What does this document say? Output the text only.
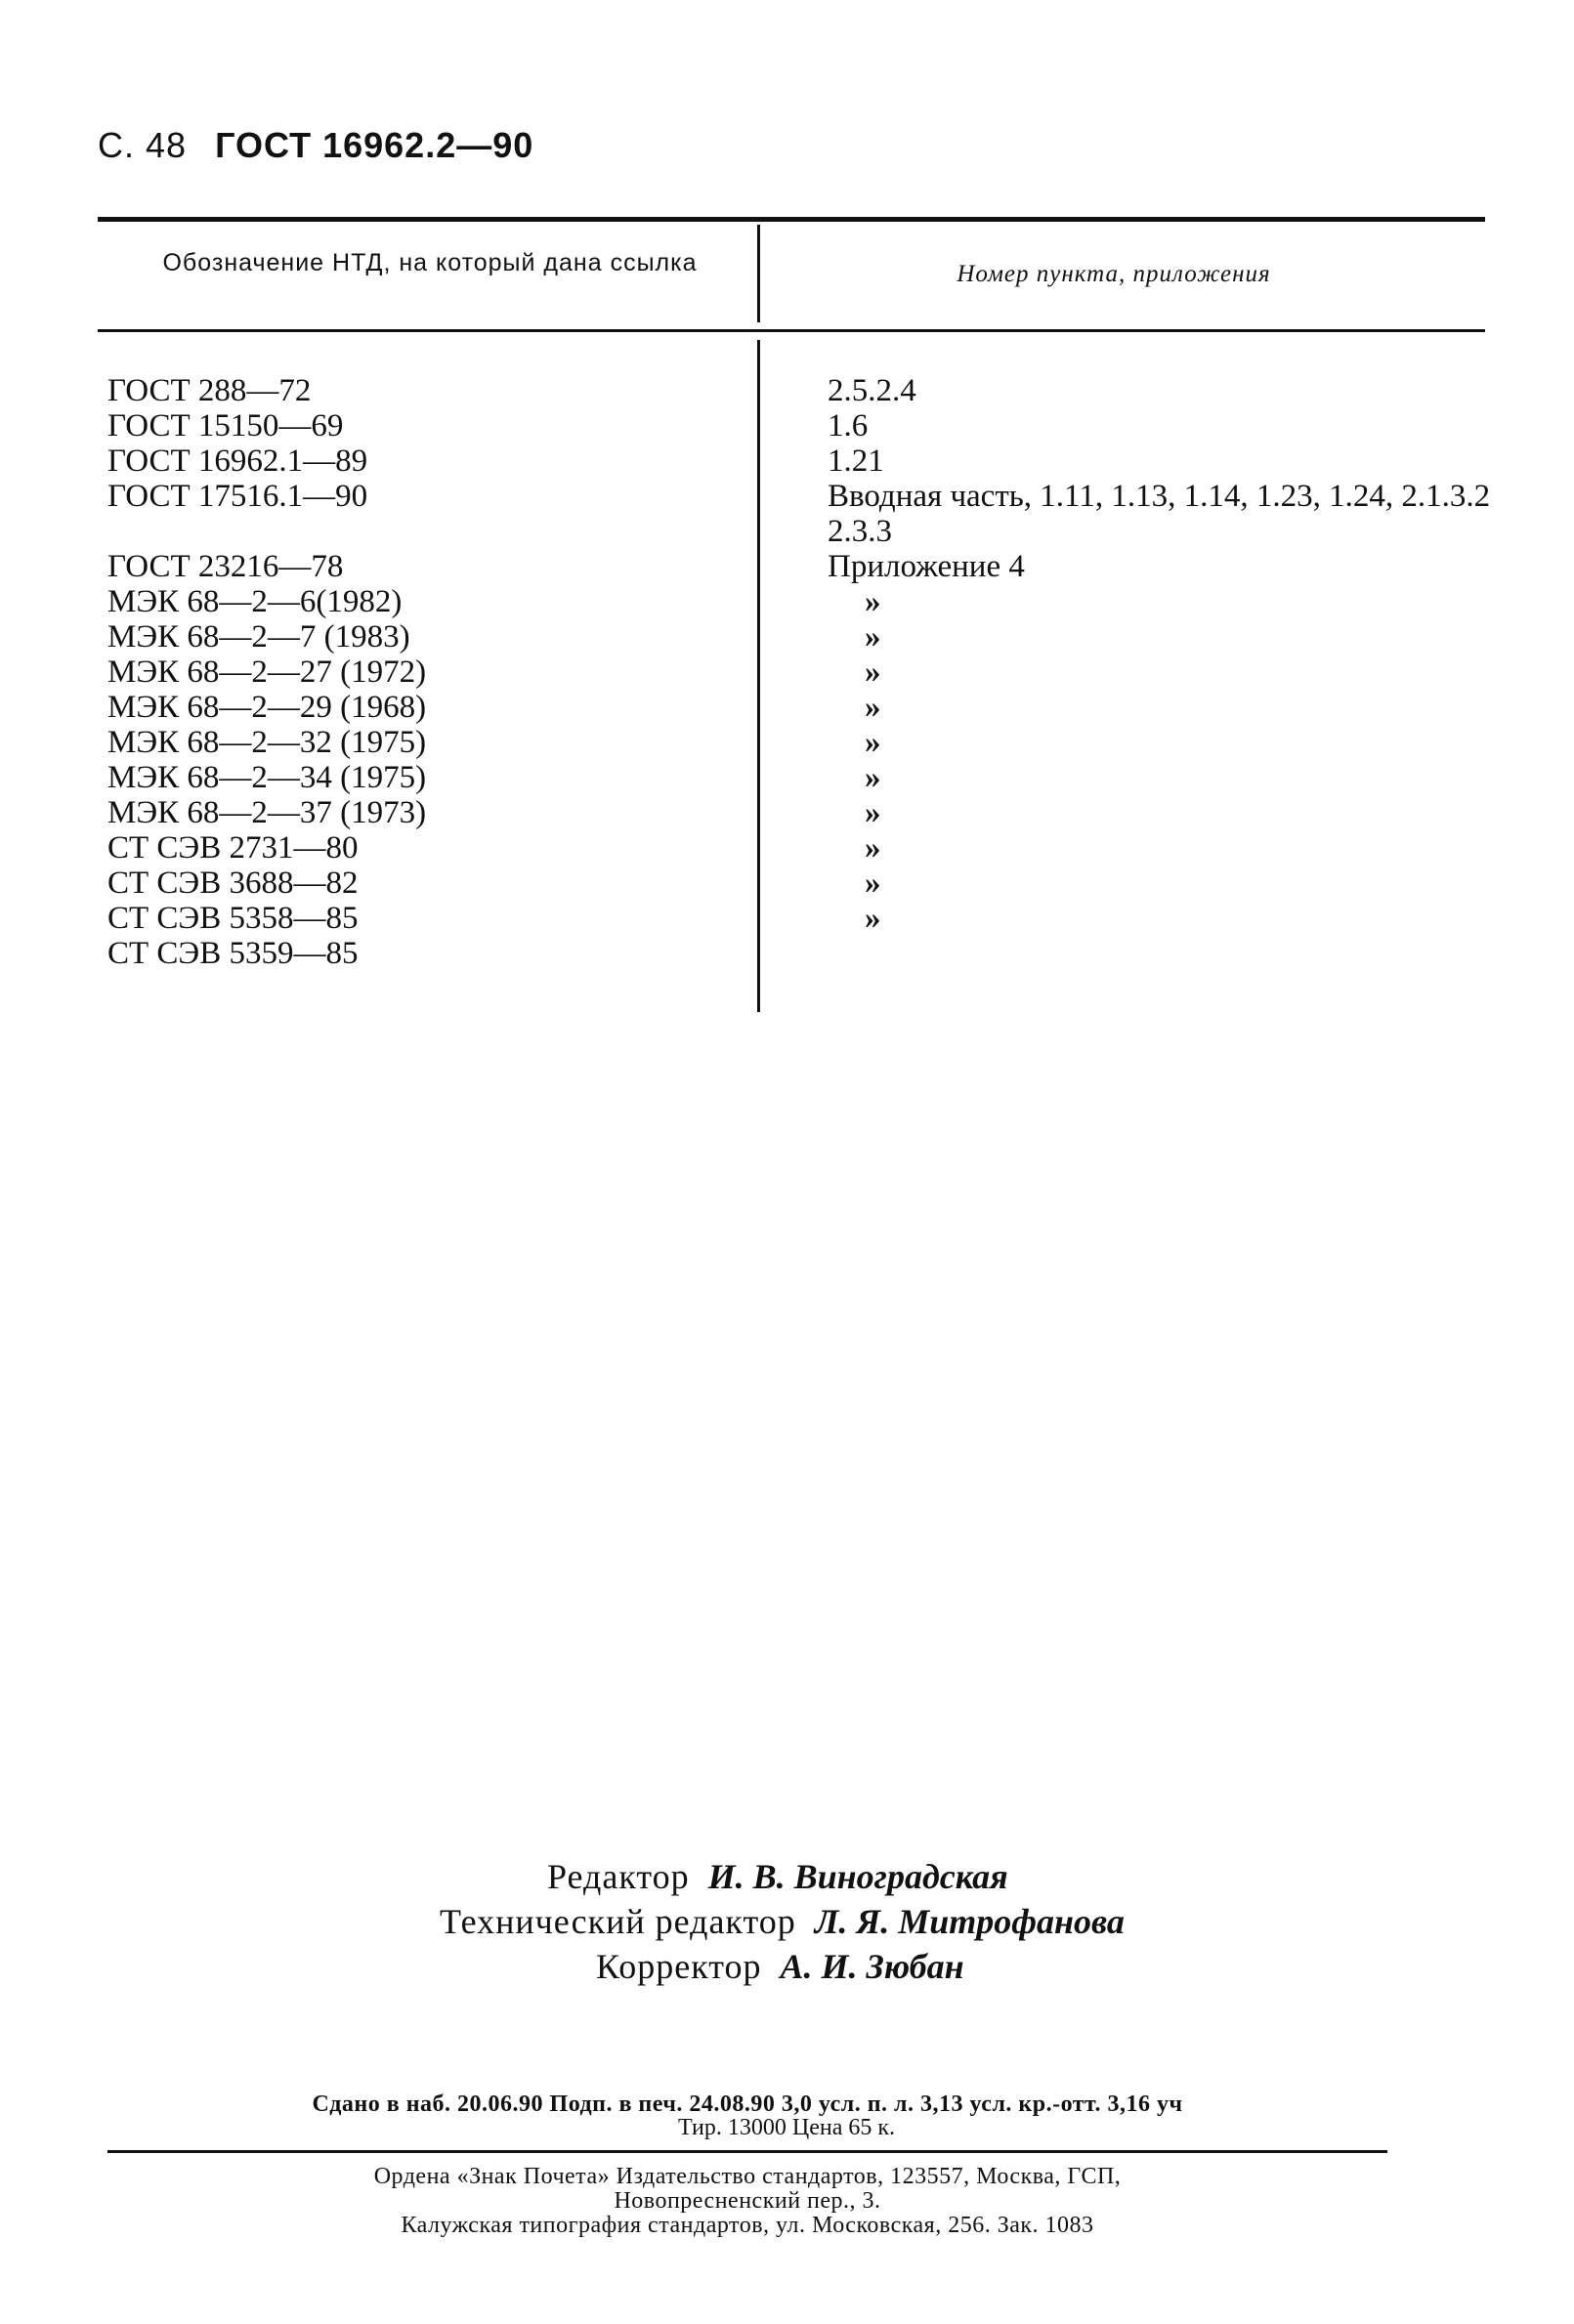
С. 48 ГОСТ 16962.2—90
Обозначение НТД, на который дана ссылка	Номер пункта, приложения
ГОСТ 288—72
ГОСТ 15150—69
ГОСТ 16962.1—89
ГОСТ 17516.1—90
ГОСТ 23216—78
МЭК 68—2—6(1982)
МЭК 68—2—7 (1983)
МЭК 68—2—27 (1972)
МЭК 68—2—29 (1968)
МЭК 68—2—32 (1975)
МЭК 68—2—34 (1975)
МЭК 68—2—37 (1973)
СТ СЭВ 2731—80
СТ СЭВ 3688—82
СТ СЭВ 5358—85
СТ СЭВ 5359—85
2.5.2.4
1.6
1.21
Вводная часть, 1.11, 1.13, 1.14, 1.23, 1.24, 2.1.3.2
2.3.3
Приложение 4
»
»
»
»
»
»
»
»
»
»
Редактор И. В. Виноградская
Технический редактор Л. Я. Митрофанова
Корректор А. И. Зюбан
Сдано в наб. 20.06.90 Подп. в печ. 24.08.90 3,0 усл. п. л. 3,13 усл. кр.-отт. 3,16 уч
Тир. 13000 Цена 65 к.
Ордена «Знак Почета» Издательство стандартов, 123557, Москва, ГСП,
Новопресненский пер., 3.
Калужская типография стандартов, ул. Московская, 256. Зак. 1083
